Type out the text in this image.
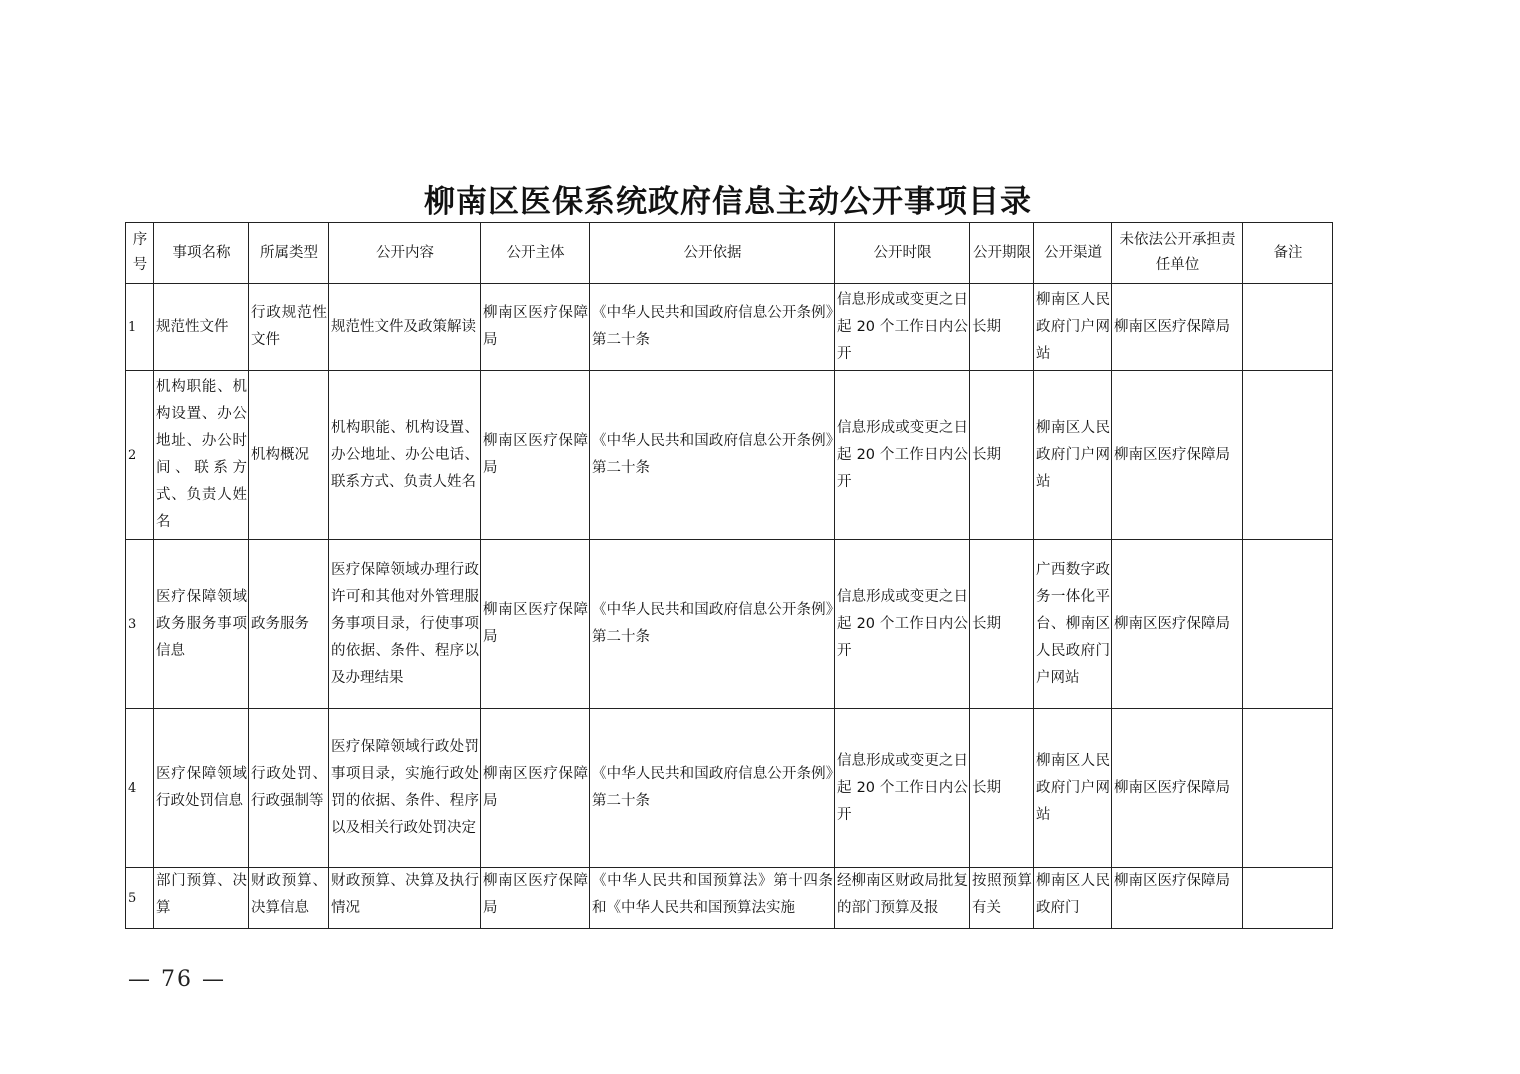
柳南区医保系统政府信息主动公开事项目录
序号	事项名称	所属类型	公开内容	公开主体	公开依据	公开时限	公开期限	公开渠道	未依法公开承担责任单位	备注
1	规范性文件	行政规范性文件	规范性文件及政策解读	柳南区医疗保障局	《中华人民共和国政府信息公开条例》第二十条	信息形成或变更之日起 20 个工作日内公开	长期	柳南区人民政府门户网站	柳南区医疗保障局	
2	机构职能、机构设置、办公地址、办公时间、联系方式、负责人姓名	机构概况	机构职能、机构设置、办公地址、办公电话、联系方式、负责人姓名	柳南区医疗保障局	《中华人民共和国政府信息公开条例》第二十条	信息形成或变更之日起 20 个工作日内公开	长期	柳南区人民政府门户网站	柳南区医疗保障局	
3	医疗保障领域政务服务事项信息	政务服务	医疗保障领域办理行政许可和其他对外管理服务事项目录，行使事项的依据、条件、程序以及办理结果	柳南区医疗保障局	《中华人民共和国政府信息公开条例》第二十条	信息形成或变更之日起 20 个工作日内公开	长期	广西数字政务一体化平台、柳南区人民政府门户网站	柳南区医疗保障局	
4	医疗保障领域行政处罚信息	行政处罚、行政强制等	医疗保障领域行政处罚事项目录，实施行政处罚的依据、条件、程序以及相关行政处罚决定	柳南区医疗保障局	《中华人民共和国政府信息公开条例》第二十条	信息形成或变更之日起 20 个工作日内公开	长期	柳南区人民政府门户网站	柳南区医疗保障局	
5	部门预算、决算	财政预算、决算信息	财政预算、决算及执行情况	柳南区医疗保障局	《中华人民共和国预算法》第十四条和《中华人民共和国预算法实施	经柳南区财政局批复的部门预算及报	按照预算有关	柳南区人民政府门	柳南区医疗保障局	

— 76 —
